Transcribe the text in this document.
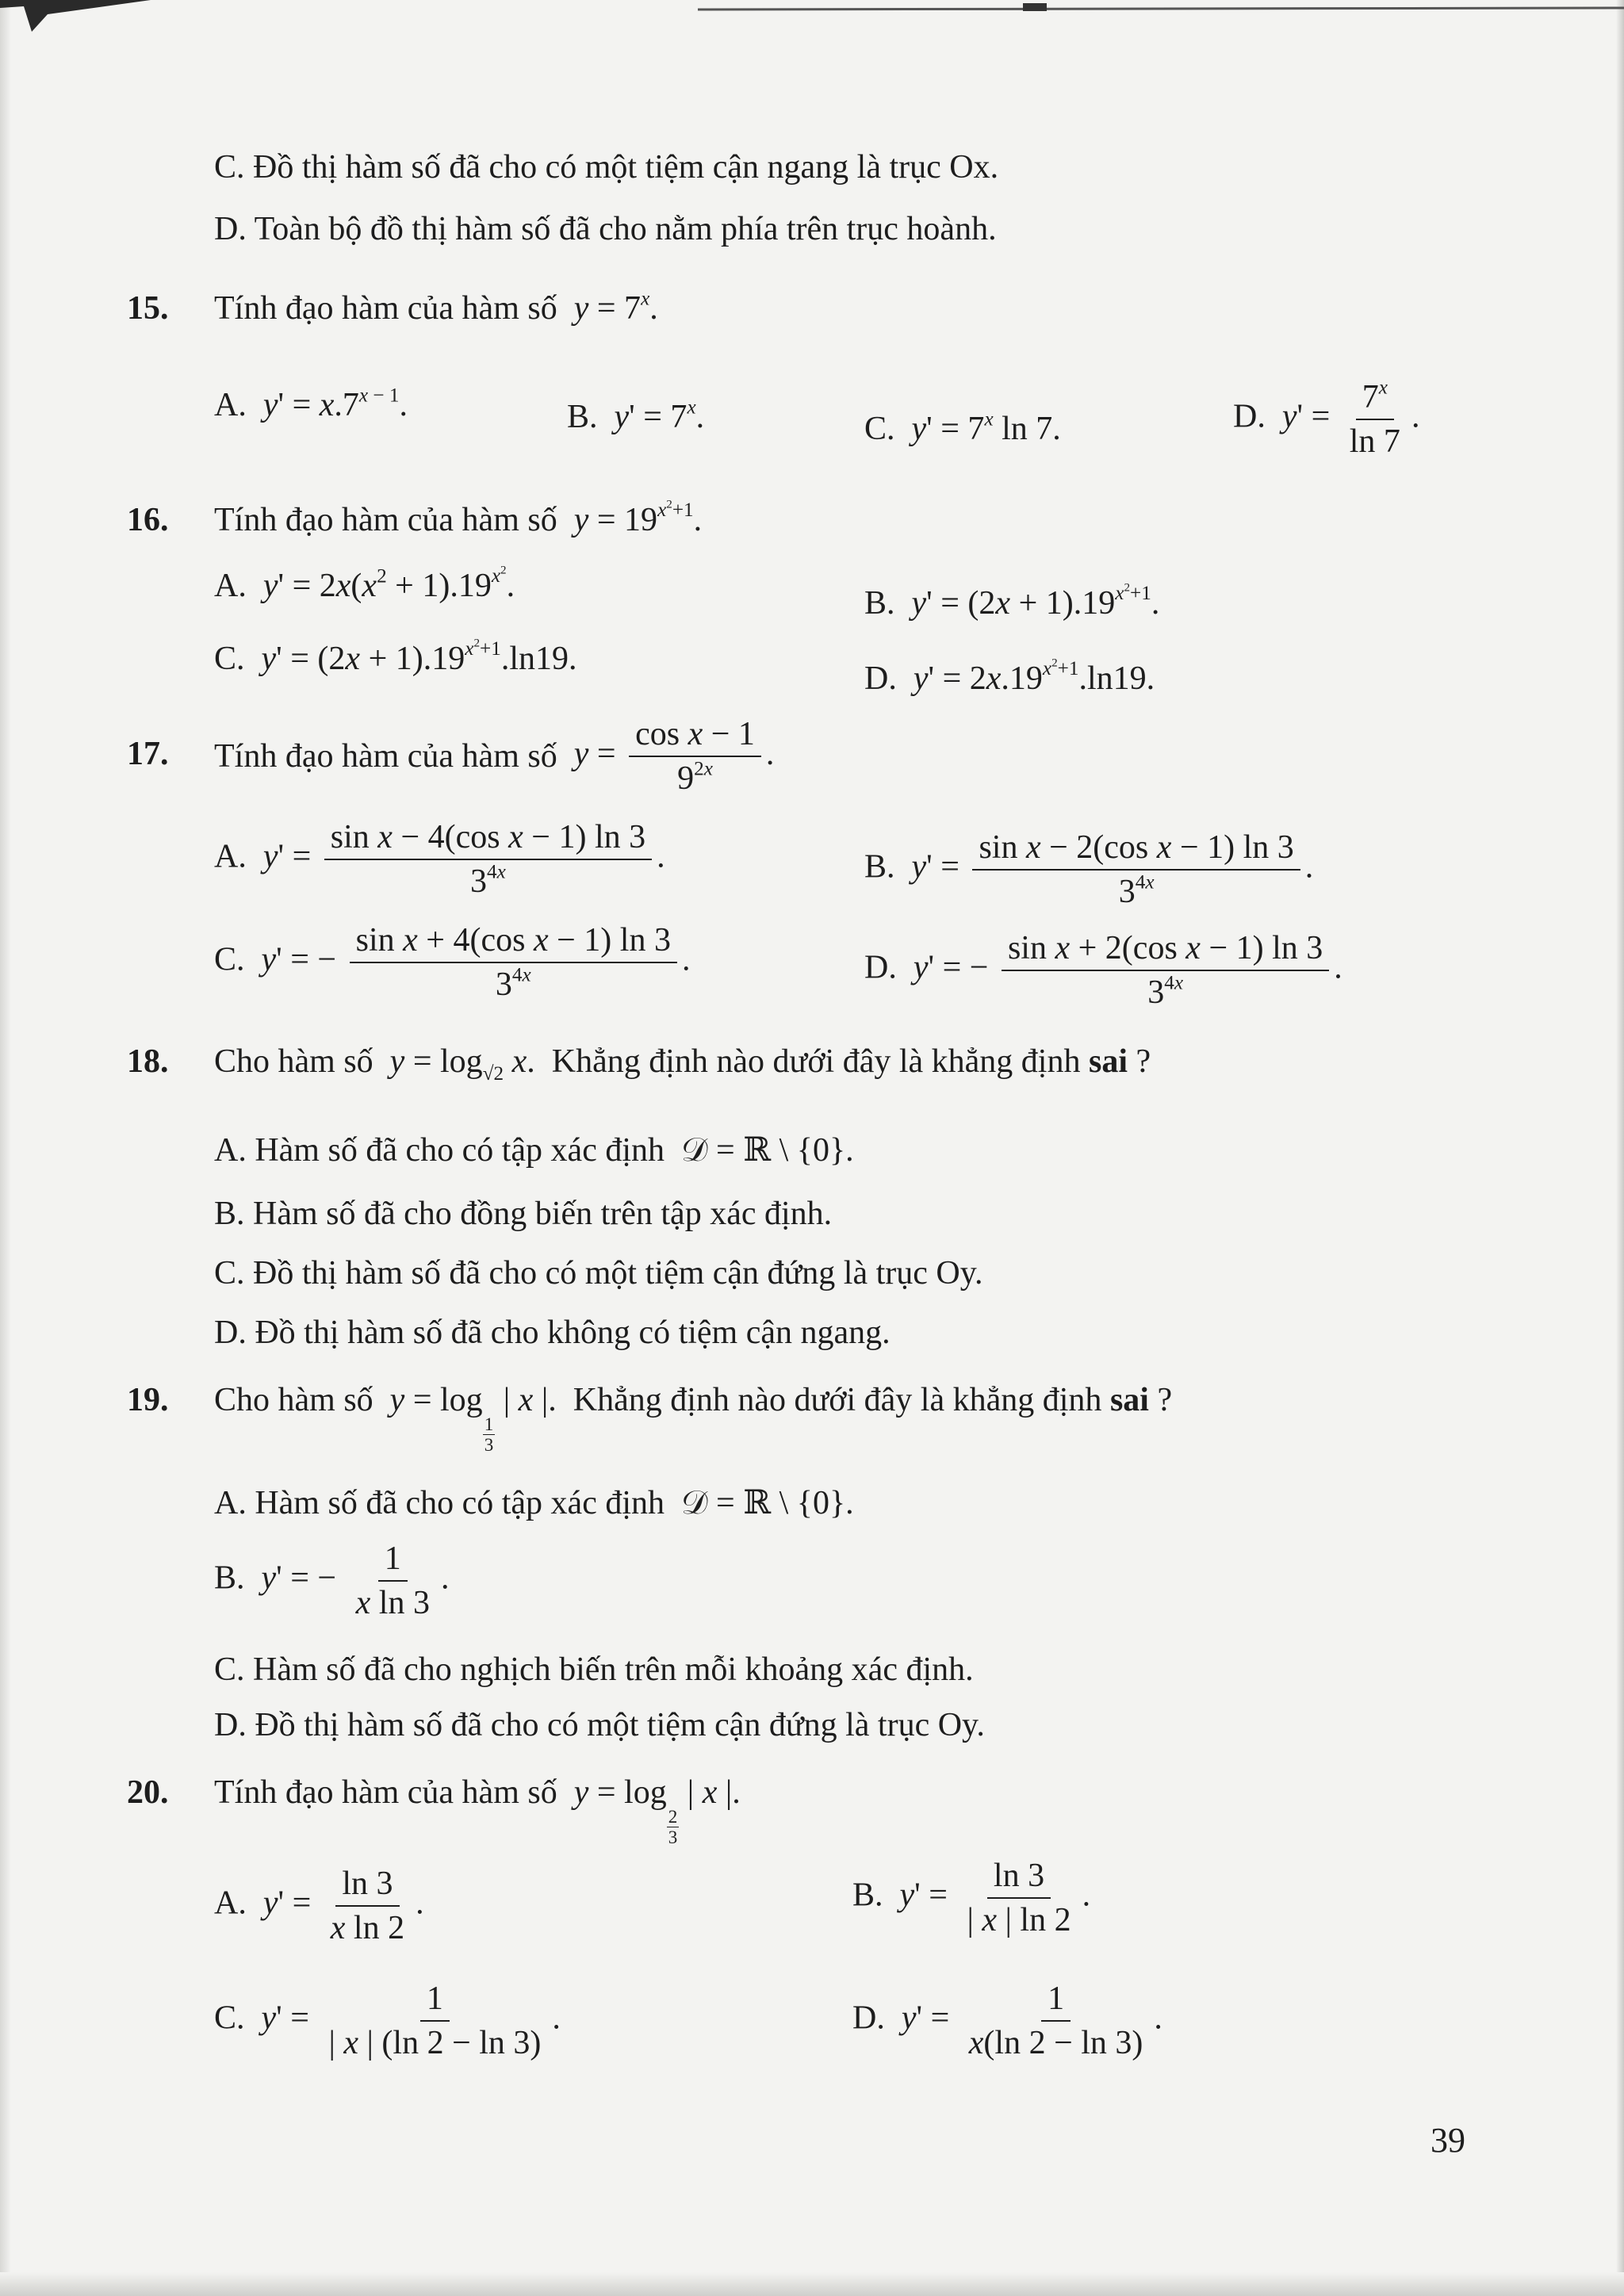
C. Đồ thị hàm số đã cho có một tiệm cận ngang là trục Ox.
D. Toàn bộ đồ thị hàm số đã cho nằm phía trên trục hoành.
15. Tính đạo hàm của hàm số $y = 7^x$.
A.  $y' = x.7^{x - 1}$.	B.  $y' = 7^x$.	C.  $y' = 7^x$ ln 7.	D.  $y' = \frac{7^x}{\ln 7}$ .
16. Tính đạo hàm của hàm số $y = 19^{x^2+1}$.
A.  $y' = 2x(x^2 + 1).19^{x^2}$.	B.  $y' = (2x + 1).19^{x^2+1}$.
C.  $y' = (2x + 1).19^{x^2+1}.\ln 19$.
D.  $y' = 2x.19^{x^2+1}.\ln 19$.
17. Tính đạo hàm của hàm số $y = \frac{\text{cos x − 1}}{9^{2x}}$ .
A.  $y' = \frac{\text{sin x − 4(cos x − 1) ln 3}}{3^{4x}}$ .	B.  $y' = \frac{\text{sin x − 2(cos x − 1) ln 3}}{3^{4x}}$ .
C.  y' = − $\frac{\text{sin x + 4(cos x − 1) ln 3}}{3^{4x}}$ .	D.  y' = − $\frac{\text{sin x + 2(cos x − 1) ln 3}}{3^{4x}}$ .
18. Cho hàm số $y = \log_{√2} x$.  Khẳng định nào dưới đây là khẳng định sai ?
A. Hàm số đã cho có tập xác định  𝒟 = ℝ \ {0}.
B. Hàm số đã cho đồng biến trên tập xác định.
C. Đồ thị hàm số đã cho có một tiệm cận đứng là trục Oy.
D. Đồ thị hàm số đã cho không có tiệm cận ngang.
19. Cho hàm số y = log
$\frac{1}{3}$
| x |.  Khẳng định nào dưới đây là khẳng định sai ?
A. Hàm số đã cho có tập xác định  𝒟 = ℝ \ {0}.
B.  y' = − $\frac{1}{\text{x ln 3}}$ .
C. Hàm số đã cho nghịch biến trên mỗi khoảng xác định.
D. Đồ thị hàm số đã cho có một tiệm cận đứng là trục Oy.
20. Tính đạo hàm của hàm số y = log
$\frac{2}{3}$
| x |.
A.  $y' = \frac{\ln 3}{\text{x ln 2}}$ .	B.  $y' = \frac{\ln 3}{| x | \ln 2}$ .
C.  $y' = \frac{1}{| x | (\ln 2 - \ln 3)}$ .	D.  $y' = \frac{1}{x(\ln 2 - \ln 3)}$ .
39
